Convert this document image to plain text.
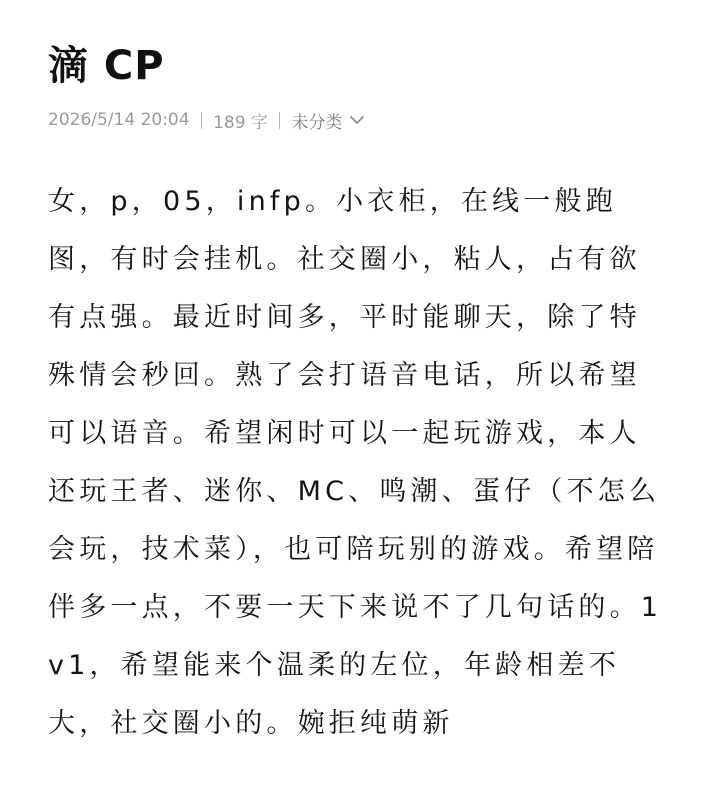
滴 CP
2026/5/14 20:04 189 字 未分类

女，p，05，infp。小衣柜，在线一般跑图，有时会挂机。社交圈小，粘人，占有欲有点强。最近时间多，平时能聊天，除了特殊情会秒回。熟了会打语音电话，所以希望可以语音。希望闲时可以一起玩游戏，本人还玩王者、迷你、MC、鸣潮、蛋仔（不怎么会玩，技术菜），也可陪玩别的游戏。希望陪伴多一点，不要一天下来说不了几句话的。1v1，希望能来个温柔的左位，年龄相差不大，社交圈小的。婉拒纯萌新
